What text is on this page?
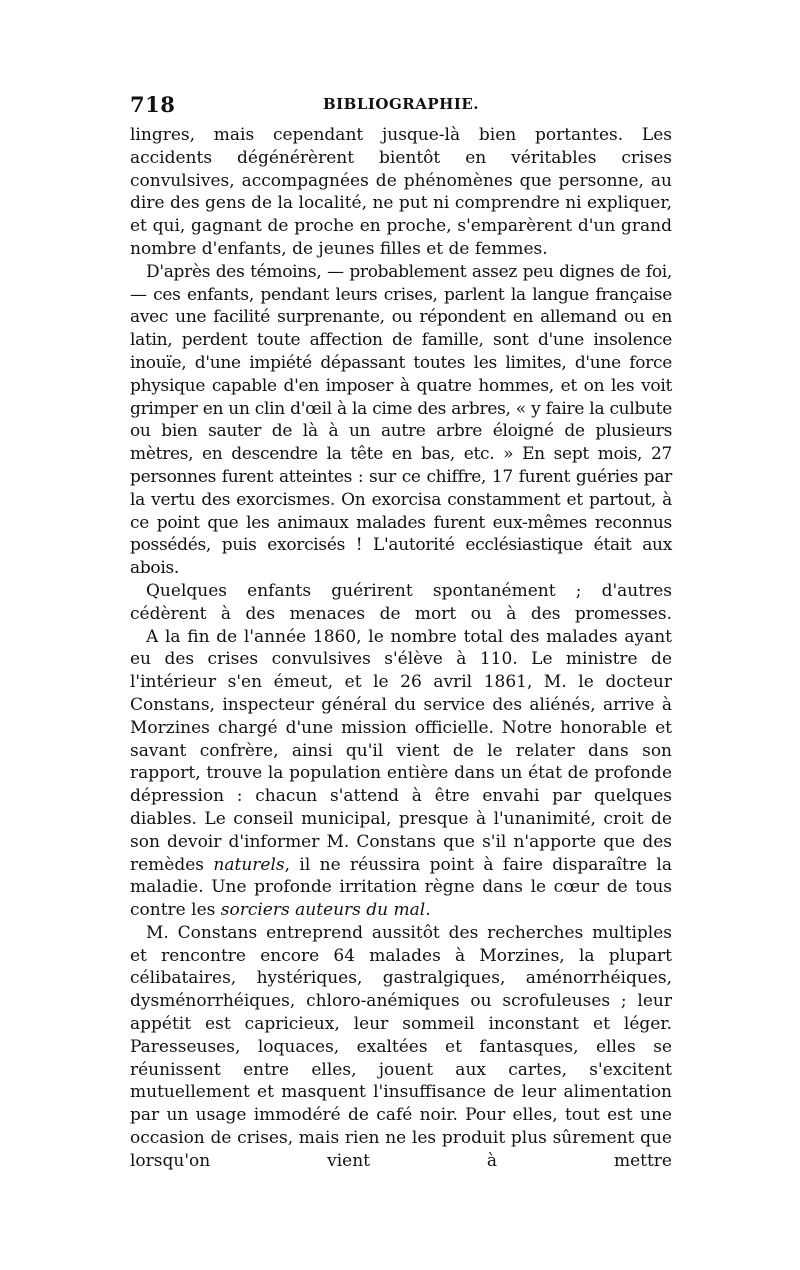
718	BIBLIOGRAPHIE.

lingres, mais cependant jusque-là bien portantes. Les accidents dégénérèrent bientôt en véritables crises convulsives, accompagnées de phénomènes que personne, au dire des gens de la localité, ne put ni comprendre ni expliquer, et qui, gagnant de proche en proche, s'emparèrent d'un grand nombre d'enfants, de jeunes filles et de femmes.

D'après des témoins, — probablement assez peu dignes de foi, — ces enfants, pendant leurs crises, parlent la langue française avec une facilité surprenante, ou répondent en allemand ou en latin, perdent toute affection de famille, sont d'une insolence inouïe, d'une impiété dépassant toutes les limites, d'une force physique capable d'en imposer à quatre hommes, et on les voit grimper en un clin d'œil à la cime des arbres, « y faire la culbute ou bien sauter de là à un autre arbre éloigné de plusieurs mètres, en descendre la tête en bas, etc. » En sept mois, 27 personnes furent atteintes : sur ce chiffre, 17 furent guéries par la vertu des exorcismes. On exorcisa constamment et partout, à ce point que les animaux malades furent eux-mêmes reconnus possédés, puis exorcisés ! L'autorité ecclésiastique était aux abois.

Quelques enfants guérirent spontanément ; d'autres cédèrent à des menaces de mort ou à des promesses.

A la fin de l'année 1860, le nombre total des malades ayant eu des crises convulsives s'élève à 110. Le ministre de l'intérieur s'en émeut, et le 26 avril 1861, M. le docteur Constans, inspecteur général du service des aliénés, arrive à Morzines chargé d'une mission officielle. Notre honorable et savant confrère, ainsi qu'il vient de le relater dans son rapport, trouve la population entière dans un état de profonde dépression : chacun s'attend à être envahi par quelques diables. Le conseil municipal, presque à l'unanimité, croit de son devoir d'informer M. Constans que s'il n'apporte que des remèdes naturels, il ne réussira point à faire disparaître la maladie. Une profonde irritation règne dans le cœur de tous contre les sorciers auteurs du mal.

M. Constans entreprend aussitôt des recherches multiples et rencontre encore 64 malades à Morzines, la plupart célibataires, hystériques, gastralgiques, aménorrhéiques, dysménorrhéiques, chloro-anémiques ou scrofuleuses ; leur appétit est capricieux, leur sommeil inconstant et léger. Paresseuses, loquaces, exaltées et fantasques, elles se réunissent entre elles, jouent aux cartes, s'excitent mutuellement et masquent l'insuffisance de leur alimentation par un usage immodéré de café noir. Pour elles, tout est une occasion de crises, mais rien ne les produit plus sûrement que lorsqu'on vient à mettre
